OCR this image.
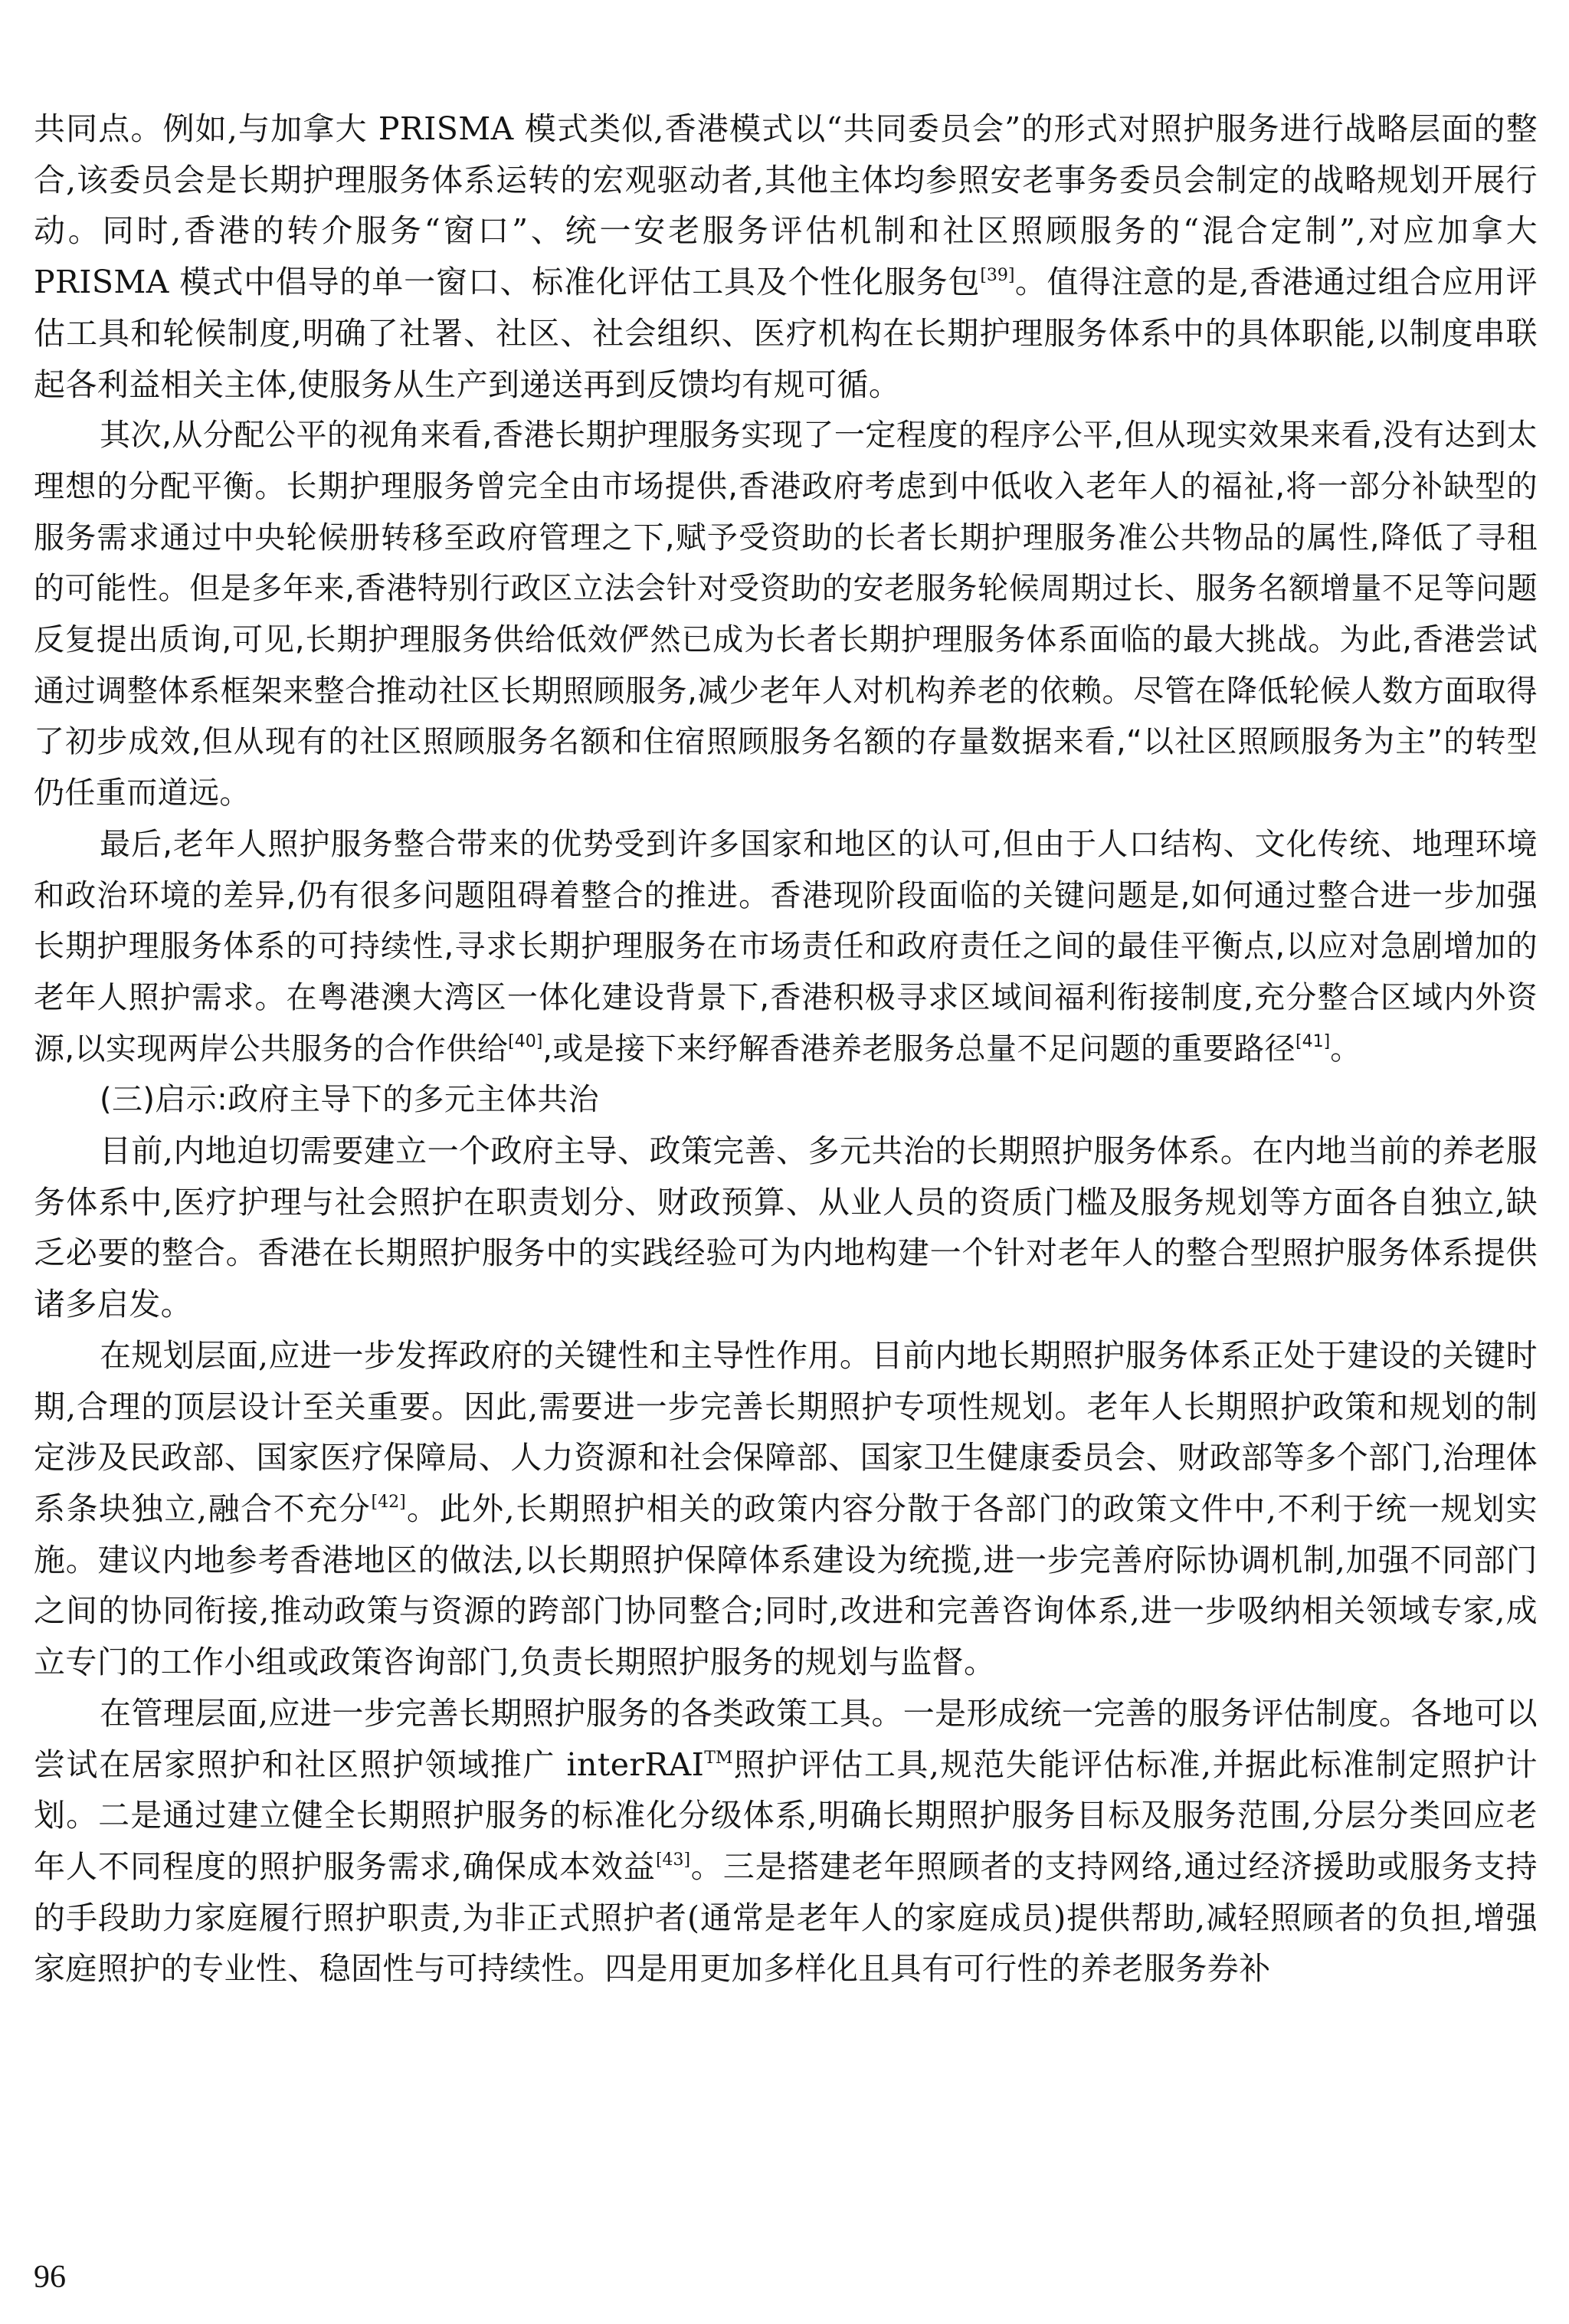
共同点。例如,与加拿大 PRISMA 模式类似,香港模式以“共同委员会”的形式对照护服务进行战略层面的整合,该委员会是长期护理服务体系运转的宏观驱动者,其他主体均参照安老事务委员会制定的战略规划开展行动。同时,香港的转介服务“窗口”、统一安老服务评估机制和社区照顾服务的“混合定制”,对应加拿大 PRISMA 模式中倡导的单一窗口、标准化评估工具及个性化服务包[39]。值得注意的是,香港通过组合应用评估工具和轮候制度,明确了社署、社区、社会组织、医疗机构在长期护理服务体系中的具体职能,以制度串联起各利益相关主体,使服务从生产到递送再到反馈均有规可循。

其次,从分配公平的视角来看,香港长期护理服务实现了一定程度的程序公平,但从现实效果来看,没有达到太理想的分配平衡。长期护理服务曾完全由市场提供,香港政府考虑到中低收入老年人的福祉,将一部分补缺型的服务需求通过中央轮候册转移至政府管理之下,赋予受资助的长者长期护理服务准公共物品的属性,降低了寻租的可能性。但是多年来,香港特别行政区立法会针对受资助的安老服务轮候周期过长、服务名额增量不足等问题反复提出质询,可见,长期护理服务供给低效俨然已成为长者长期护理服务体系面临的最大挑战。为此,香港尝试通过调整体系框架来整合推动社区长期照顾服务,减少老年人对机构养老的依赖。尽管在降低轮候人数方面取得了初步成效,但从现有的社区照顾服务名额和住宿照顾服务名额的存量数据来看,“以社区照顾服务为主”的转型仍任重而道远。

最后,老年人照护服务整合带来的优势受到许多国家和地区的认可,但由于人口结构、文化传统、地理环境和政治环境的差异,仍有很多问题阻碍着整合的推进。香港现阶段面临的关键问题是,如何通过整合进一步加强长期护理服务体系的可持续性,寻求长期护理服务在市场责任和政府责任之间的最佳平衡点,以应对急剧增加的老年人照护需求。在粤港澳大湾区一体化建设背景下,香港积极寻求区域间福利衔接制度,充分整合区域内外资源,以实现两岸公共服务的合作供给[40],或是接下来纾解香港养老服务总量不足问题的重要路径[41]。

(三)启示:政府主导下的多元主体共治

目前,内地迫切需要建立一个政府主导、政策完善、多元共治的长期照护服务体系。在内地当前的养老服务体系中,医疗护理与社会照护在职责划分、财政预算、从业人员的资质门槛及服务规划等方面各自独立,缺乏必要的整合。香港在长期照护服务中的实践经验可为内地构建一个针对老年人的整合型照护服务体系提供诸多启发。

在规划层面,应进一步发挥政府的关键性和主导性作用。目前内地长期照护服务体系正处于建设的关键时期,合理的顶层设计至关重要。因此,需要进一步完善长期照护专项性规划。老年人长期照护政策和规划的制定涉及民政部、国家医疗保障局、人力资源和社会保障部、国家卫生健康委员会、财政部等多个部门,治理体系条块独立,融合不充分[42]。此外,长期照护相关的政策内容分散于各部门的政策文件中,不利于统一规划实施。建议内地参考香港地区的做法,以长期照护保障体系建设为统揽,进一步完善府际协调机制,加强不同部门之间的协同衔接,推动政策与资源的跨部门协同整合;同时,改进和完善咨询体系,进一步吸纳相关领域专家,成立专门的工作小组或政策咨询部门,负责长期照护服务的规划与监督。

在管理层面,应进一步完善长期照护服务的各类政策工具。一是形成统一完善的服务评估制度。各地可以尝试在居家照护和社区照护领域推广 interRAI™照护评估工具,规范失能评估标准,并据此标准制定照护计划。二是通过建立健全长期照护服务的标准化分级体系,明确长期照护服务目标及服务范围,分层分类回应老年人不同程度的照护服务需求,确保成本效益[43]。三是搭建老年照顾者的支持网络,通过经济援助或服务支持的手段助力家庭履行照护职责,为非正式照护者(通常是老年人的家庭成员)提供帮助,减轻照顾者的负担,增强家庭照护的专业性、稳固性与可持续性。四是用更加多样化且具有可行性的养老服务券补

96
